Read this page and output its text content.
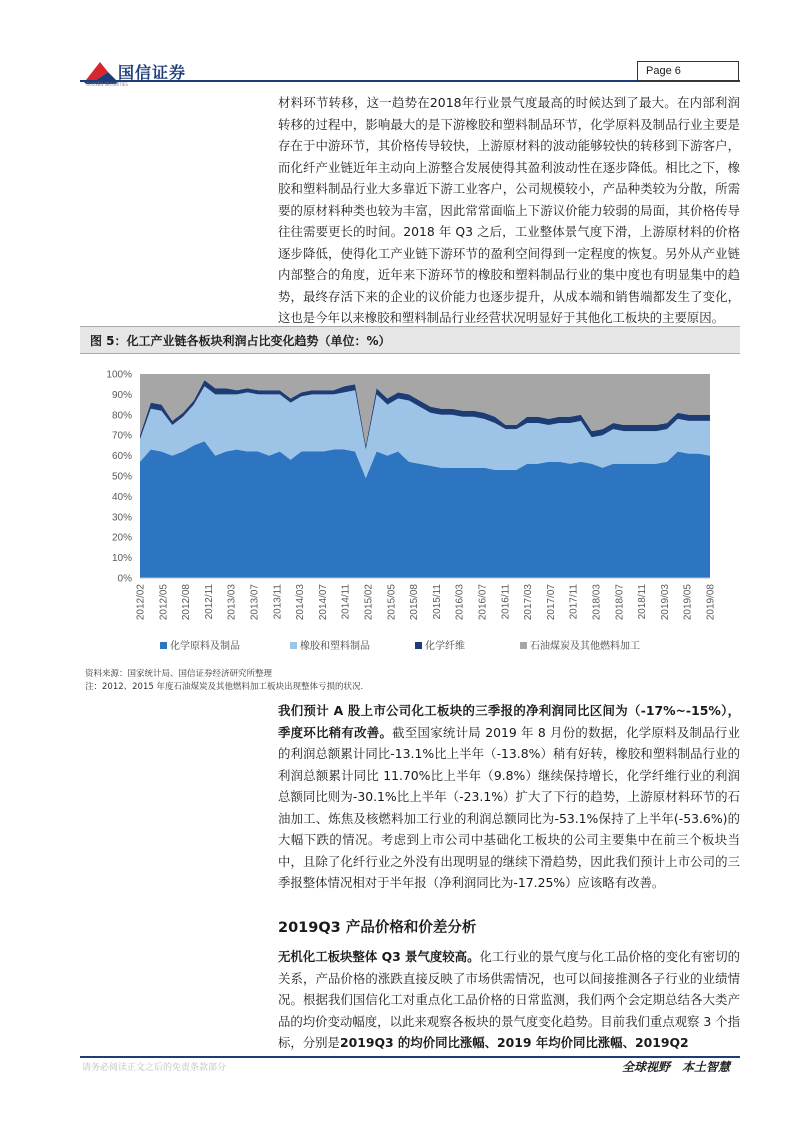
国信证券
GUOSEN SECURITIES
Page 6

材料环节转移，这一趋势在2018年行业景气度最高的时候达到了最大。在内部利润转移的过程中，影响最大的是下游橡胶和塑料制品环节，化学原料及制品行业主要是存在于中游环节，其价格传导较快，上游原材料的波动能够较快的转移到下游客户，而化纤产业链近年主动向上游整合发展使得其盈利波动性在逐步降低。相比之下，橡胶和塑料制品行业大多靠近下游工业客户，公司规模较小，产品种类较为分散，所需要的原材料种类也较为丰富，因此常常面临上下游议价能力较弱的局面，其价格传导往往需要更长的时间。2018 年 Q3 之后，工业整体景气度下滑，上游原材料的价格逐步降低，使得化工产业链下游环节的盈利空间得到一定程度的恢复。另外从产业链内部整合的角度，近年来下游环节的橡胶和塑料制品行业的集中度也有明显集中的趋势，最终存活下来的企业的议价能力也逐步提升，从成本端和销售端都发生了变化，这也是今年以来橡胶和塑料制品行业经营状况明显好于其他化工板块的主要原因。

图 5：化工产业链各板块利润占比变化趋势（单位：%）
0%
10%
20%
30%
40%
50%
60%
70%
80%
90%
100%
2012/02 2012/05 2012/08 2012/11 2013/03 2013/07 2013/11 2014/03 2014/07 2014/11 2015/02 2015/05 2015/08 2015/11 2016/03 2016/07 2016/11 2017/03 2017/07 2017/11 2018/03 2018/07 2018/11 2019/03 2019/05 2019/08
化学原料及制品	橡胶和塑料制品	化学纤维	石油煤炭及其他燃料加工
资料来源：国家统计局、国信证券经济研究所整理
注：2012、2015 年度石油煤炭及其他燃料加工板块出现整体亏损的状况.

我们预计 A 股上市公司化工板块的三季报的净利润同比区间为（-17%~-15%），季度环比稍有改善。截至国家统计局 2019 年 8 月份的数据，化学原料及制品行业的利润总额累计同比-13.1%比上半年（-13.8%）稍有好转，橡胶和塑料制品行业的利润总额累计同比 11.70%比上半年（9.8%）继续保持增长，化学纤维行业的利润总额同比则为-30.1%比上半年（-23.1%）扩大了下行的趋势，上游原材料环节的石油加工、炼焦及核燃料加工行业的利润总额同比为-53.1%保持了上半年(-53.6%)的大幅下跌的情况。考虑到上市公司中基础化工板块的公司主要集中在前三个板块当中，且除了化纤行业之外没有出现明显的继续下滑趋势，因此我们预计上市公司的三季报整体情况相对于半年报（净利润同比为-17.25%）应该略有改善。

2019Q3 产品价格和价差分析

无机化工板块整体 Q3 景气度较高。化工行业的景气度与化工品价格的变化有密切的关系，产品价格的涨跌直接反映了市场供需情况，也可以间接推测各子行业的业绩情况。根据我们国信化工对重点化工品价格的日常监测，我们两个会定期总结各大类产品的均价变动幅度，以此来观察各板块的景气度变化趋势。目前我们重点观察 3 个指标，分别是2019Q3 的均价同比涨幅、2019 年均价同比涨幅、2019Q2

请务必阅读正文之后的免责条款部分	全球视野　本土智慧
